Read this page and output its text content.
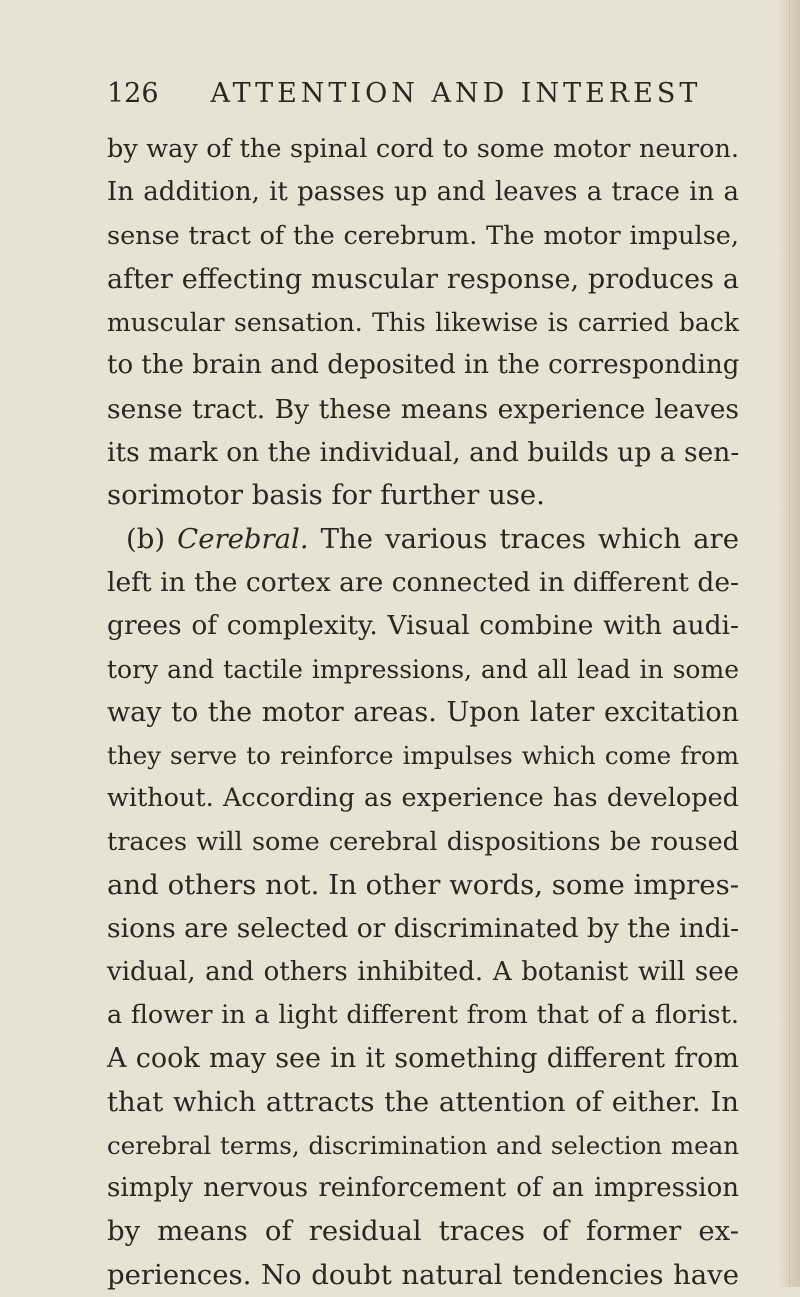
126 ATTENTION AND INTEREST
by way of the spinal cord to some motor neuron.
In addition, it passes up and leaves a trace in a
sense tract of the cerebrum. The motor impulse,
after effecting muscular response, produces a
muscular sensation. This likewise is carried back
to the brain and deposited in the corresponding
sense tract. By these means experience leaves
its mark on the individual, and builds up a sen-
sorimotor basis for further use.
(b) Cerebral. The various traces which are
left in the cortex are connected in different de-
grees of complexity. Visual combine with audi-
tory and tactile impressions, and all lead in some
way to the motor areas. Upon later excitation
they serve to reinforce impulses which come from
without. According as experience has developed
traces will some cerebral dispositions be roused
and others not. In other words, some impres-
sions are selected or discriminated by the indi-
vidual, and others inhibited. A botanist will see
a flower in a light different from that of a florist.
A cook may see in it something different from
that which attracts the attention of either. In
cerebral terms, discrimination and selection mean
simply nervous reinforcement of an impression
by means of residual traces of former ex-
periences. No doubt natural tendencies have
